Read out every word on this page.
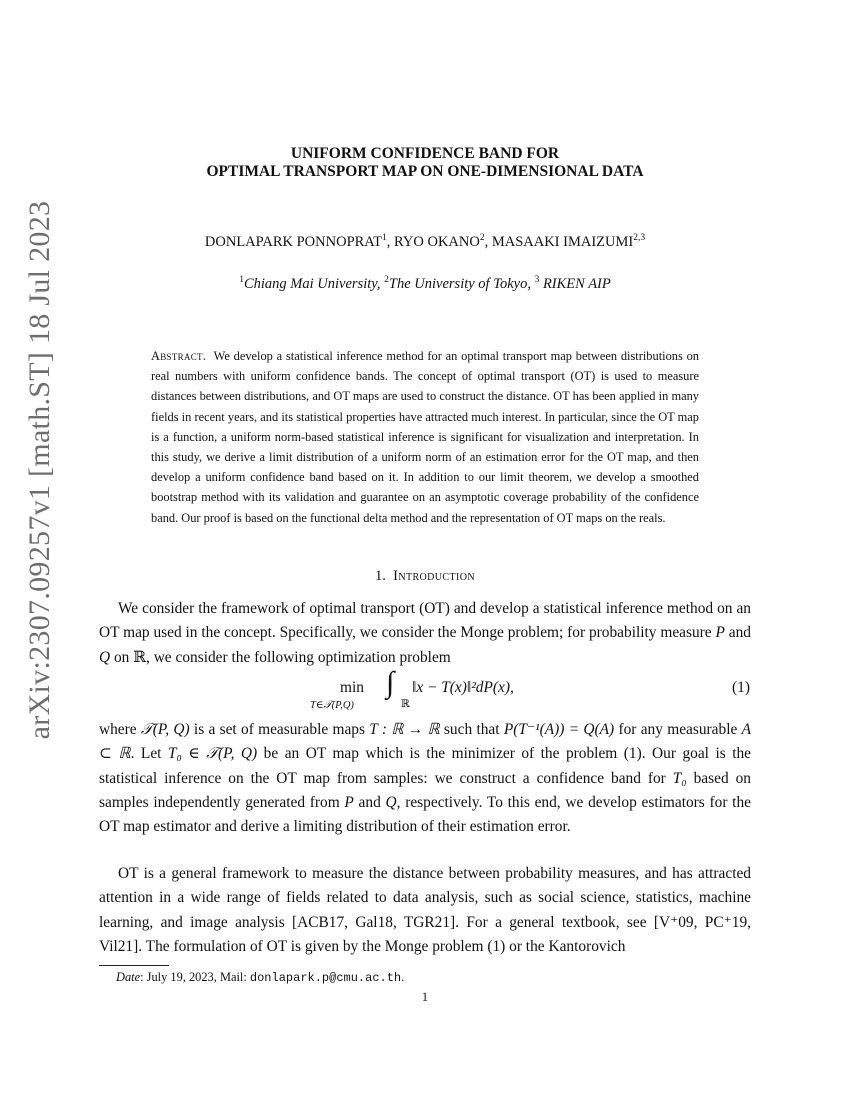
arXiv:2307.09257v1 [math.ST] 18 Jul 2023
UNIFORM CONFIDENCE BAND FOR
OPTIMAL TRANSPORT MAP ON ONE-DIMENSIONAL DATA
DONLAPARK PONNOPRAT$^1$, RYO OKANO$^2$, MASAAKI IMAIZUMI$^{2,3}$
$^1$Chiang Mai University, $^2$The University of Tokyo, $^3$ RIKEN AIP
Abstract. We develop a statistical inference method for an optimal transport map between distributions on real numbers with uniform confidence bands. The concept of optimal transport (OT) is used to measure distances between distributions, and OT maps are used to construct the distance. OT has been applied in many fields in recent years, and its statistical properties have attracted much interest. In particular, since the OT map is a function, a uniform norm-based statistical inference is significant for visualization and interpretation. In this study, we derive a limit distribution of a uniform norm of an estimation error for the OT map, and then develop a uniform confidence band based on it. In addition to our limit theorem, we develop a smoothed bootstrap method with its validation and guarantee on an asymptotic coverage probability of the confidence band. Our proof is based on the functional delta method and the representation of OT maps on the reals.
1. Introduction
We consider the framework of optimal transport (OT) and develop a statistical inference method on an OT map used in the concept. Specifically, we consider the Monge problem; for probability measure P and Q on ℝ, we consider the following optimization problem
min
T∈𝒯(P,Q)
∫
ℝ
‖x − T(x)‖²dP(x),	(1)
where 𝒯(P, Q) is a set of measurable maps T : ℝ → ℝ such that P(T⁻¹(A)) = Q(A) for any measurable A ⊂ ℝ. Let T₀ ∈ 𝒯(P, Q) be an OT map which is the minimizer of the problem (1). Our goal is the statistical inference on the OT map from samples: we construct a confidence band for T₀ based on samples independently generated from P and Q, respectively. To this end, we develop estimators for the OT map estimator and derive a limiting distribution of their estimation error.
OT is a general framework to measure the distance between probability measures, and has attracted attention in a wide range of fields related to data analysis, such as social science, statistics, machine learning, and image analysis [ACB17, Gal18, TGR21]. For a general textbook, see [V⁺09, PC⁺19, Vil21]. The formulation of OT is given by the Monge problem (1) or the Kantorovich
Date: July 19, 2023, Mail: donlapark.p@cmu.ac.th.
1
